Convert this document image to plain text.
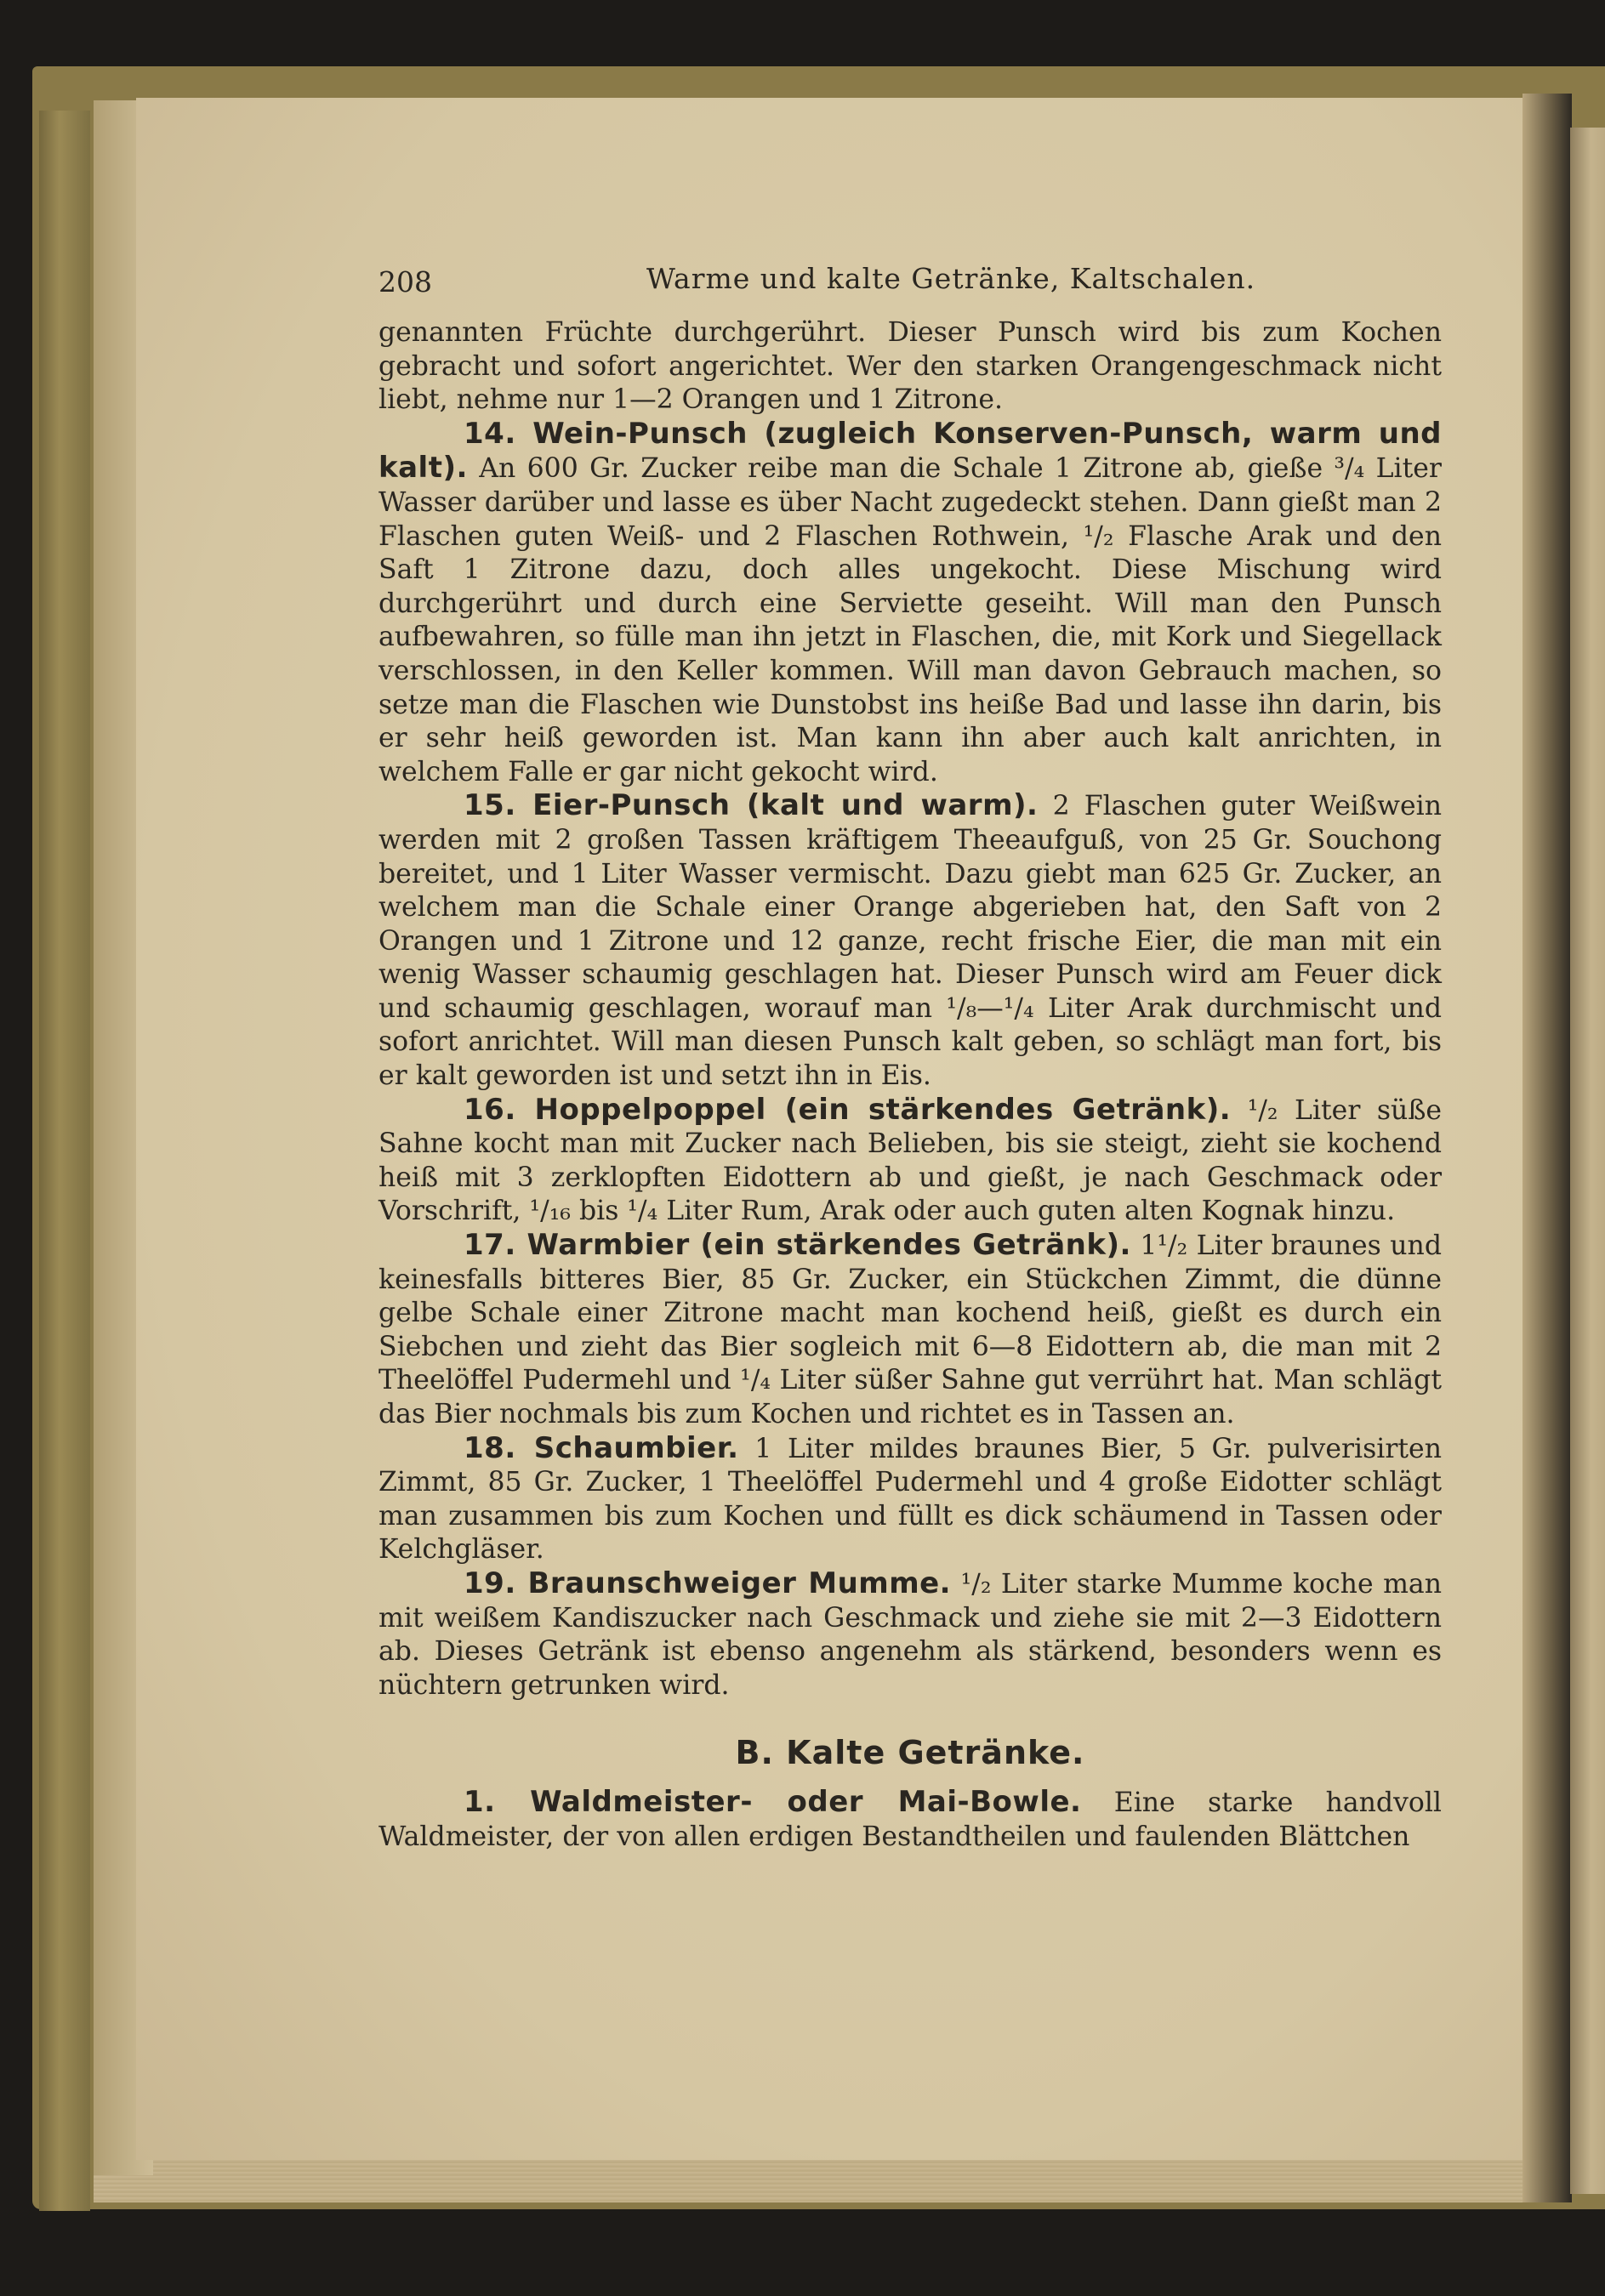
208	Warme und kalte Getränke, Kaltschalen.

genannten Früchte durchgerührt. Dieser Punsch wird bis zum Kochen gebracht und sofort angerichtet. Wer den starken Orangengeschmack nicht liebt, nehme nur 1—2 Orangen und 1 Zitrone.

14. Wein-Punsch (zugleich Konserven-Punsch, warm und kalt). An 600 Gr. Zucker reibe man die Schale 1 Zitrone ab, gieße ³/₄ Liter Wasser darüber und lasse es über Nacht zugedeckt stehen. Dann gießt man 2 Flaschen guten Weiß- und 2 Flaschen Rothwein, ¹/₂ Flasche Arak und den Saft 1 Zitrone dazu, doch alles ungekocht. Diese Mischung wird durchgerührt und durch eine Serviette geseiht. Will man den Punsch aufbewahren, so fülle man ihn jetzt in Flaschen, die, mit Kork und Siegellack verschlossen, in den Keller kommen. Will man davon Gebrauch machen, so setze man die Flaschen wie Dunstobst ins heiße Bad und lasse ihn darin, bis er sehr heiß geworden ist. Man kann ihn aber auch kalt anrichten, in welchem Falle er gar nicht gekocht wird.

15. Eier-Punsch (kalt und warm). 2 Flaschen guter Weißwein werden mit 2 großen Tassen kräftigem Theeaufguß, von 25 Gr. Souchong bereitet, und 1 Liter Wasser vermischt. Dazu giebt man 625 Gr. Zucker, an welchem man die Schale einer Orange abgerieben hat, den Saft von 2 Orangen und 1 Zitrone und 12 ganze, recht frische Eier, die man mit ein wenig Wasser schaumig geschlagen hat. Dieser Punsch wird am Feuer dick und schaumig geschlagen, worauf man ¹/₈—¹/₄ Liter Arak durchmischt und sofort anrichtet. Will man diesen Punsch kalt geben, so schlägt man fort, bis er kalt geworden ist und setzt ihn in Eis.

16. Hoppelpoppel (ein stärkendes Getränk). ¹/₂ Liter süße Sahne kocht man mit Zucker nach Belieben, bis sie steigt, zieht sie kochend heiß mit 3 zerklopften Eidottern ab und gießt, je nach Geschmack oder Vorschrift, ¹/₁₆ bis ¹/₄ Liter Rum, Arak oder auch guten alten Kognak hinzu.

17. Warmbier (ein stärkendes Getränk). 1¹/₂ Liter braunes und keinesfalls bitteres Bier, 85 Gr. Zucker, ein Stückchen Zimmt, die dünne gelbe Schale einer Zitrone macht man kochend heiß, gießt es durch ein Siebchen und zieht das Bier sogleich mit 6—8 Eidottern ab, die man mit 2 Theelöffel Pudermehl und ¹/₄ Liter süßer Sahne gut verrührt hat. Man schlägt das Bier nochmals bis zum Kochen und richtet es in Tassen an.

18. Schaumbier. 1 Liter mildes braunes Bier, 5 Gr. pulverisirten Zimmt, 85 Gr. Zucker, 1 Theelöffel Pudermehl und 4 große Eidotter schlägt man zusammen bis zum Kochen und füllt es dick schäumend in Tassen oder Kelchgläser.

19. Braunschweiger Mumme. ¹/₂ Liter starke Mumme koche man mit weißem Kandiszucker nach Geschmack und ziehe sie mit 2—3 Eidottern ab. Dieses Getränk ist ebenso angenehm als stärkend, besonders wenn es nüchtern getrunken wird.

B. Kalte Getränke.

1. Waldmeister- oder Mai-Bowle. Eine starke handvoll Waldmeister, der von allen erdigen Bestandtheilen und faulenden Blättchen
